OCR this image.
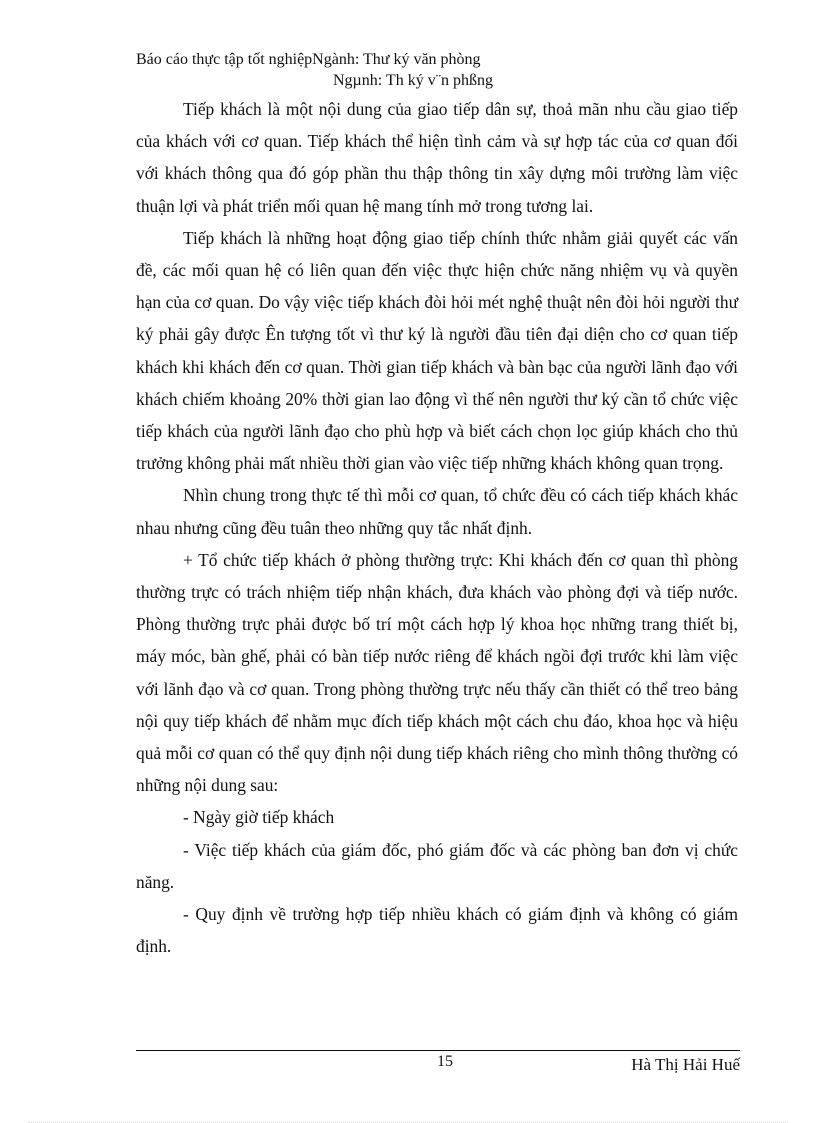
Báo cáo thực tập tốt nghiệpNgành: Thư ký văn phòng
Ngµnh: Th ký v¨n phßng

Tiếp khách là một nội dung của giao tiếp dân sự, thoả mãn nhu cầu giao tiếp của khách với cơ quan. Tiếp khách thể hiện tình cảm và sự hợp tác của cơ quan đối với khách thông qua đó góp phần thu thập thông tin xây dựng môi trường làm việc thuận lợi và phát triển mối quan hệ mang tính mở trong tương lai.

Tiếp khách là những hoạt động giao tiếp chính thức nhằm giải quyết các vấn đề, các mối quan hệ có liên quan đến việc thực hiện chức năng nhiệm vụ và quyền hạn của cơ quan. Do vậy việc tiếp khách đòi hỏi mét nghệ thuật nên đòi hỏi người thư ký phải gây được Ên tượng tốt vì thư ký là người đầu tiên đại diện cho cơ quan tiếp khách khi khách đến cơ quan. Thời gian tiếp khách và bàn bạc của người lãnh đạo với khách chiếm khoảng 20% thời gian lao động vì thế nên người thư ký cần tổ chức việc tiếp khách của người lãnh đạo cho phù hợp và biết cách chọn lọc giúp khách cho thủ trưởng không phải mất nhiều thời gian vào việc tiếp những khách không quan trọng.

Nhìn chung trong thực tế thì mỗi cơ quan, tổ chức đều có cách tiếp khách khác nhau nhưng cũng đều tuân theo những quy tắc nhất định.

+ Tổ chức tiếp khách ở phòng thường trực: Khi khách đến cơ quan thì phòng thường trực có trách nhiệm tiếp nhận khách, đưa khách vào phòng đợi và tiếp nước. Phòng thường trực phải được bố trí một cách hợp lý khoa học những trang thiết bị, máy móc, bàn ghế, phải có bàn tiếp nước riêng để khách ngồi đợi trước khi làm việc với lãnh đạo và cơ quan. Trong phòng thường trực nếu thấy cần thiết có thể treo bảng nội quy tiếp khách để nhằm mục đích tiếp khách một cách chu đáo, khoa học và hiệu quả mỗi cơ quan có thể quy định nội dung tiếp khách riêng cho mình thông thường có những nội dung sau:

- Ngày giờ tiếp khách

- Việc tiếp khách của giám đốc, phó giám đốc và các phòng ban đơn vị chức năng.

- Quy định về trường hợp tiếp nhiều khách có giám định và không có giám định.

15	Hà Thị Hải Huế
